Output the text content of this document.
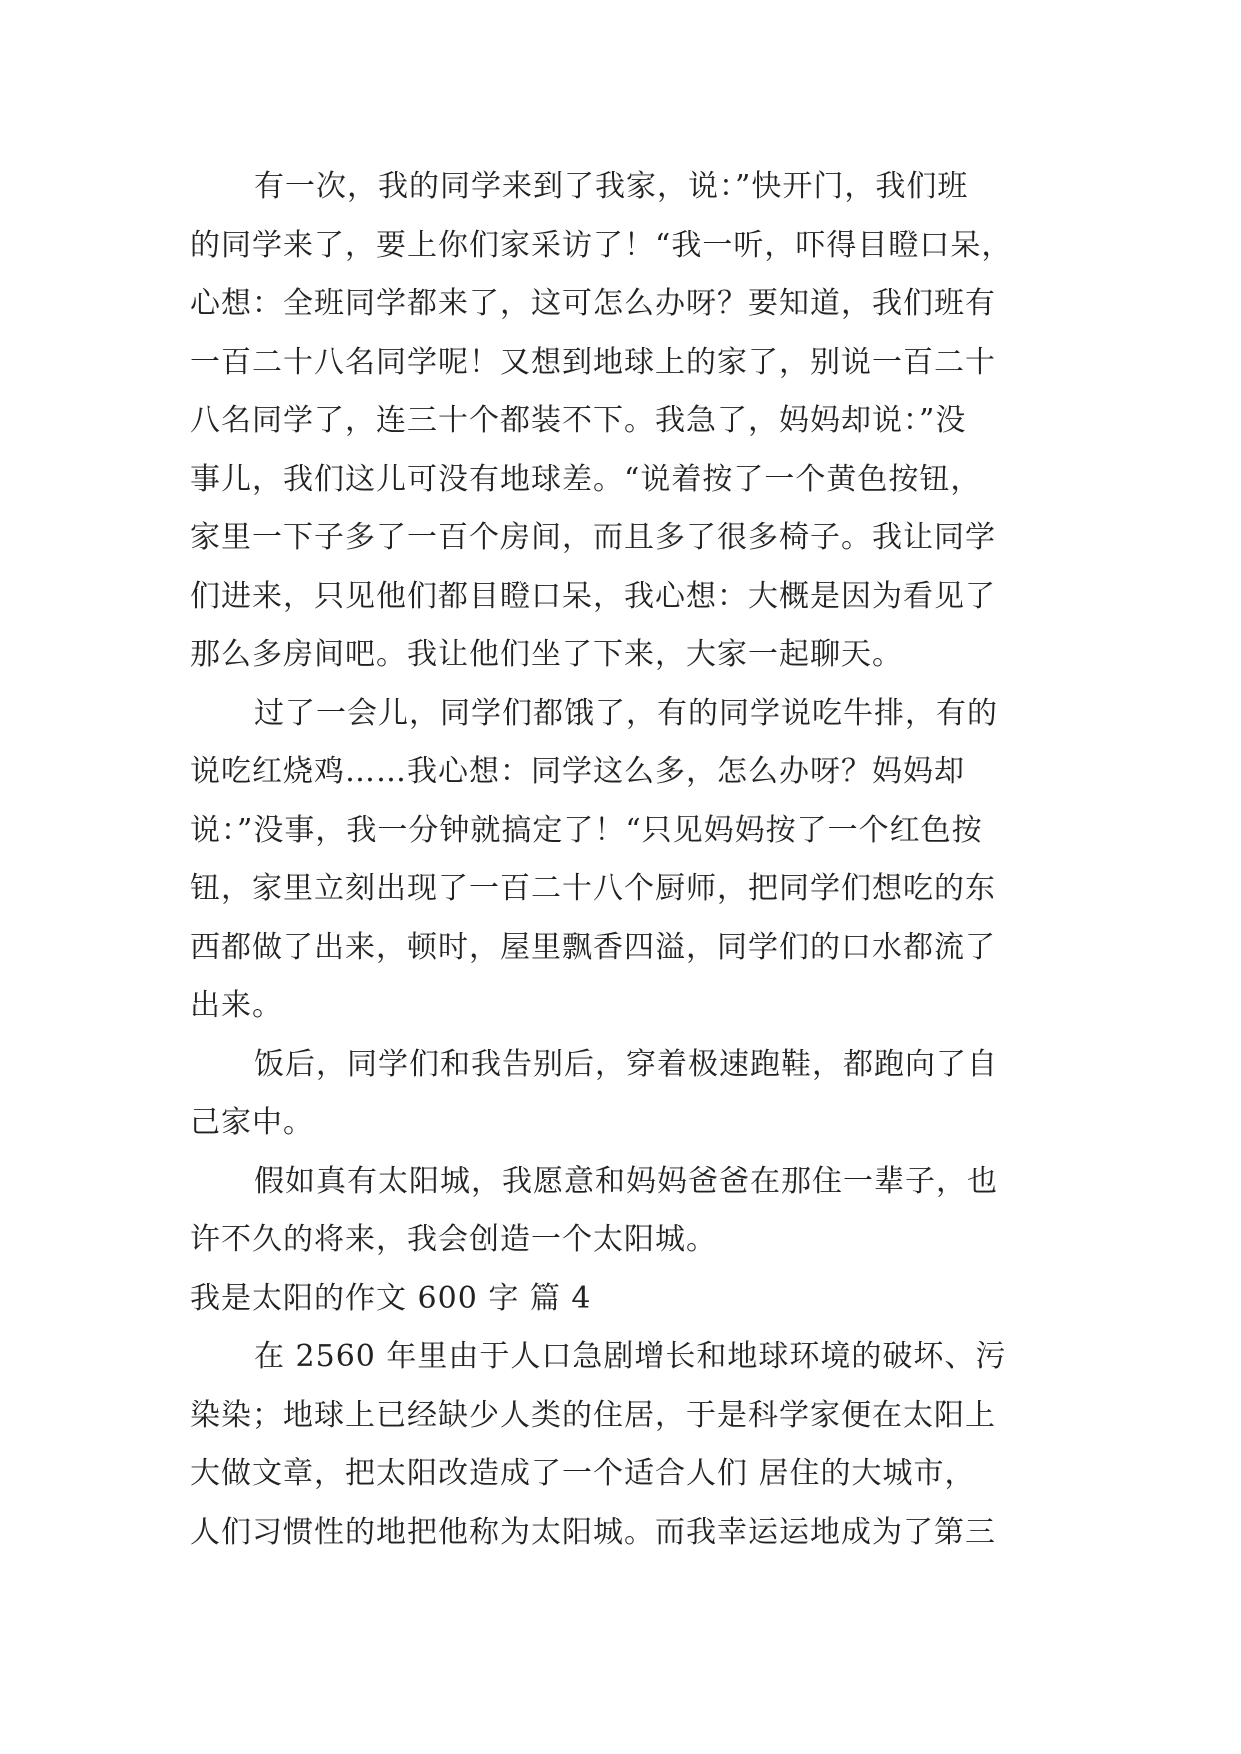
有一次，我的同学来到了我家，说：”快开门，我们班
的同学来了，要上你们家采访了！“我一听，吓得目瞪口呆，
心想：全班同学都来了，这可怎么办呀？要知道，我们班有
一百二十八名同学呢！又想到地球上的家了，别说一百二十
八名同学了，连三十个都装不下。我急了，妈妈却说：”没
事儿，我们这儿可没有地球差。“说着按了一个黄色按钮，
家里一下子多了一百个房间，而且多了很多椅子。我让同学
们进来，只见他们都目瞪口呆，我心想：大概是因为看见了
那么多房间吧。我让他们坐了下来，大家一起聊天。
过了一会儿，同学们都饿了，有的同学说吃牛排，有的
说吃红烧鸡……我心想：同学这么多，怎么办呀？妈妈却
说：”没事，我一分钟就搞定了！“只见妈妈按了一个红色按
钮，家里立刻出现了一百二十八个厨师，把同学们想吃的东
西都做了出来，顿时，屋里飘香四溢，同学们的口水都流了
出来。
饭后，同学们和我告别后，穿着极速跑鞋，都跑向了自
己家中。
假如真有太阳城，我愿意和妈妈爸爸在那住一辈子，也
许不久的将来，我会创造一个太阳城。
我是太阳的作文 600 字 篇 4
在 2560 年里由于人口急剧增长和地球环境的破坏、污
染染；地球上已经缺少人类的住居，于是科学家便在太阳上
大做文章，把太阳改造成了一个适合人们 居住的大城市，
人们习惯性的地把他称为太阳城。而我幸运运地成为了第三
